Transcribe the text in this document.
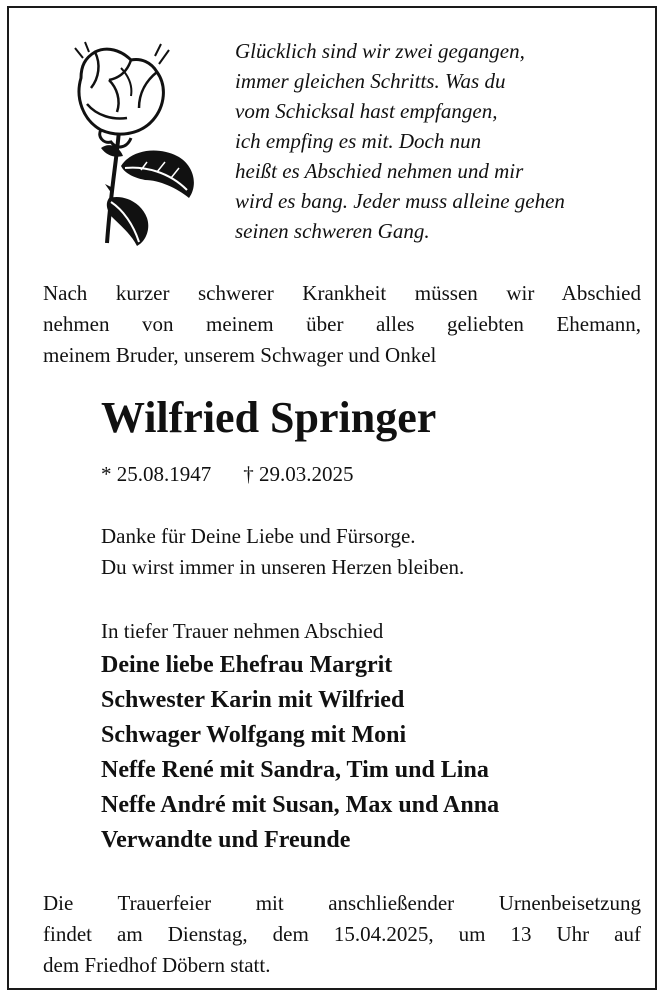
Glücklich sind wir zwei gegangen,
immer gleichen Schritts. Was du
vom Schicksal hast empfangen,
ich empfing es mit. Doch nun
heißt es Abschied nehmen und mir
wird es bang. Jeder muss alleine gehen
seinen schweren Gang.
Nach kurzer schwerer Krankheit müssen wir Abschied
nehmen von meinem über alles geliebten Ehemann,
meinem Bruder, unserem Schwager und Onkel
Wilfried Springer
* 25.08.1947 † 29.03.2025
Danke für Deine Liebe und Fürsorge.
Du wirst immer in unseren Herzen bleiben.
In tiefer Trauer nehmen Abschied
Deine liebe Ehefrau Margrit
Schwester Karin mit Wilfried
Schwager Wolfgang mit Moni
Neffe René mit Sandra, Tim und Lina
Neffe André mit Susan, Max und Anna
Verwandte und Freunde
Die Trauerfeier mit anschließender Urnenbeisetzung
findet am Dienstag, dem 15.04.2025, um 13 Uhr auf
dem Friedhof Döbern statt.
